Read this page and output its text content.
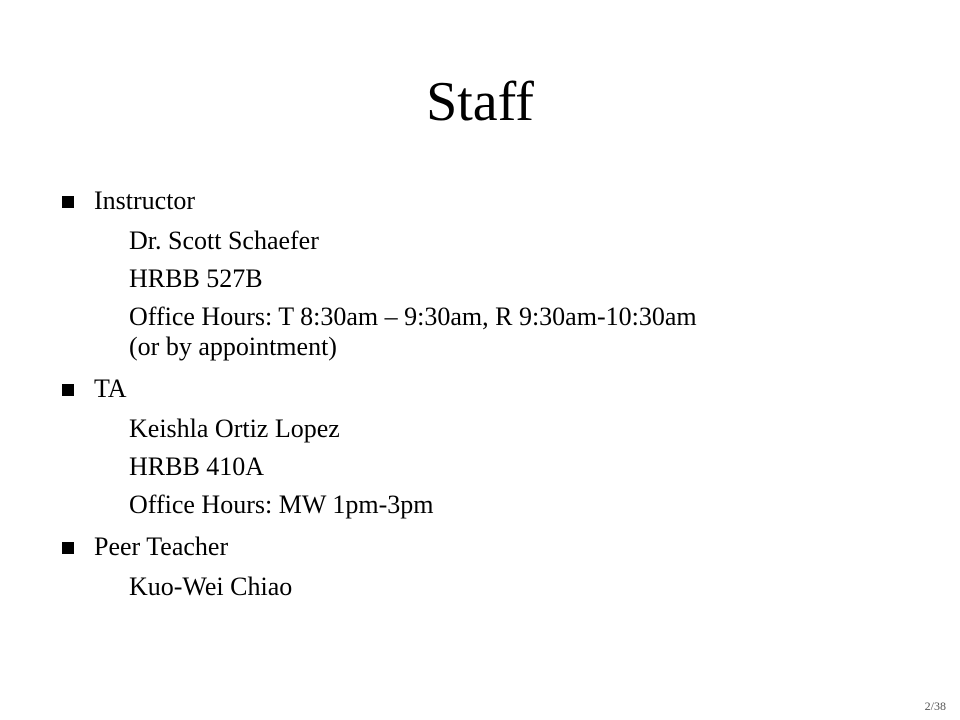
Staff
Instructor
Dr. Scott Schaefer
HRBB 527B
Office Hours: T 8:30am – 9:30am, R 9:30am-10:30am
(or by appointment)
TA
Keishla Ortiz Lopez
HRBB 410A
Office Hours: MW 1pm-3pm
Peer Teacher
Kuo-Wei Chiao
2/38
